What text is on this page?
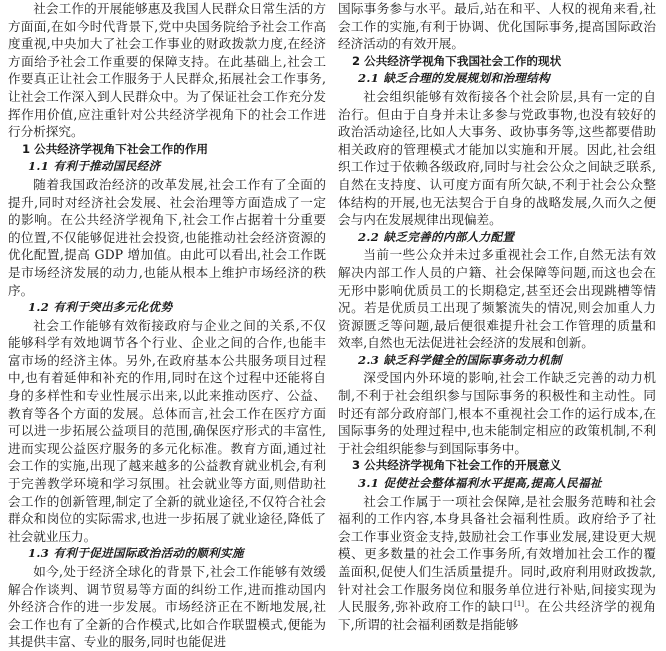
社会工作的开展能够惠及我国人民群众日常生活的方方面面,在如今时代背景下,党中央国务院给予社会工作高度重视,中央加大了社会工作事业的财政拨款力度,在经济方面给予社会工作重要的保障支持。在此基础上,社会工作要真正让社会工作服务于人民群众,拓展社会工作事务,让社会工作深入到人民群众中。为了保证社会工作充分发挥作用价值,应注重针对公共经济学视角下的社会工作进行分析探究。

1 公共经济学视角下社会工作的作用

1.1 有利于推动国民经济

随着我国政治经济的改革发展,社会工作有了全面的提升,同时对经济社会发展、社会治理等方面造成了一定的影响。在公共经济学视角下,社会工作占据着十分重要的位置,不仅能够促进社会投资,也能推动社会经济资源的优化配置,提高 GDP 增加值。由此可以看出,社会工作既是市场经济发展的动力,也能从根本上维护市场经济的秩序。

1.2 有利于突出多元化优势

社会工作能够有效衔接政府与企业之间的关系,不仅能够科学有效地调节各个行业、企业之间的合作,也能丰富市场的经济主体。另外,在政府基本公共服务项目过程中,也有着延伸和补充的作用,同时在这个过程中还能将自身的多样性和专业性展示出来,以此来推动医疗、公益、教育等各个方面的发展。总体而言,社会工作在医疗方面可以进一步拓展公益项目的范围,确保医疗形式的丰富性,进而实现公益医疗服务的多元化标准。教育方面,通过社会工作的实施,出现了越来越多的公益教育就业机会,有利于完善教学环境和学习氛围。社会就业等方面,则借助社会工作的创新管理,制定了全新的就业途径,不仅符合社会群众和岗位的实际需求,也进一步拓展了就业途径,降低了社会就业压力。

1.3 有利于促进国际政治活动的顺利实施

如今,处于经济全球化的背景下,社会工作能够有效缓解合作谈判、调节贸易等方面的纠纷工作,进而推动国内外经济合作的进一步发展。市场经济正在不断地发展,社会工作也有了全新的合作模式,比如合作联盟模式,便能为其提供丰富、专业的服务,同时也能促进

国际事务参与水平。最后,站在和平、人权的视角来看,社会工作的实施,有利于协调、优化国际事务,提高国际政治经济活动的有效开展。

2 公共经济学视角下我国社会工作的现状

2.1 缺乏合理的发展规划和治理结构

社会组织能够有效衔接各个社会阶层,具有一定的自治行。但由于自身并未让多参与党政事物,也没有较好的政治活动途径,比如人大事务、政协事务等,这些都要借助相关政府的管理模式才能加以实施和开展。因此,社会组织工作过于依赖各级政府,同时与社会公众之间缺乏联系,自然在支持度、认可度方面有所欠缺,不利于社会公众整体结构的开展,也无法契合于自身的战略发展,久而久之便会与内在发展规律出现偏差。

2.2 缺乏完善的内部人力配置

当前一些公众并未过多重视社会工作,自然无法有效解决内部工作人员的户籍、社会保障等问题,而这也会在无形中影响优质员工的长期稳定,甚至还会出现跳槽等情况。若是优质员工出现了频繁流失的情况,则会加重人力资源匮乏等问题,最后便很难提升社会工作管理的质量和效率,自然也无法促进社会经济的发展和创新。

2.3 缺乏科学健全的国际事务动力机制

深受国内外环境的影响,社会工作缺乏完善的动力机制,不利于社会组织参与国际事务的积极性和主动性。同时还有部分政府部门,根本不重视社会工作的运行成本,在国际事务的处理过程中,也未能制定相应的政策机制,不利于社会组织能参与到国际事务中。

3 公共经济学视角下社会工作的开展意义

3.1 促使社会整体福利水平提高,提高人民福祉

社会工作属于一项社会保障,是社会服务范畴和社会福利的工作内容,本身具备社会福利性质。政府给予了社会工作事业资金支持,鼓励社会工作事业发展,建设更大规模、更多数量的社会工作事务所,有效增加社会工作的覆盖面积,促使人们生活质量提升。同时,政府利用财政拨款,针对社会工作服务岗位和服务单位进行补贴,间接实现为人民服务,弥补政府工作的缺口[1]。在公共经济学的视角下,所谓的社会福利函数是指能够
